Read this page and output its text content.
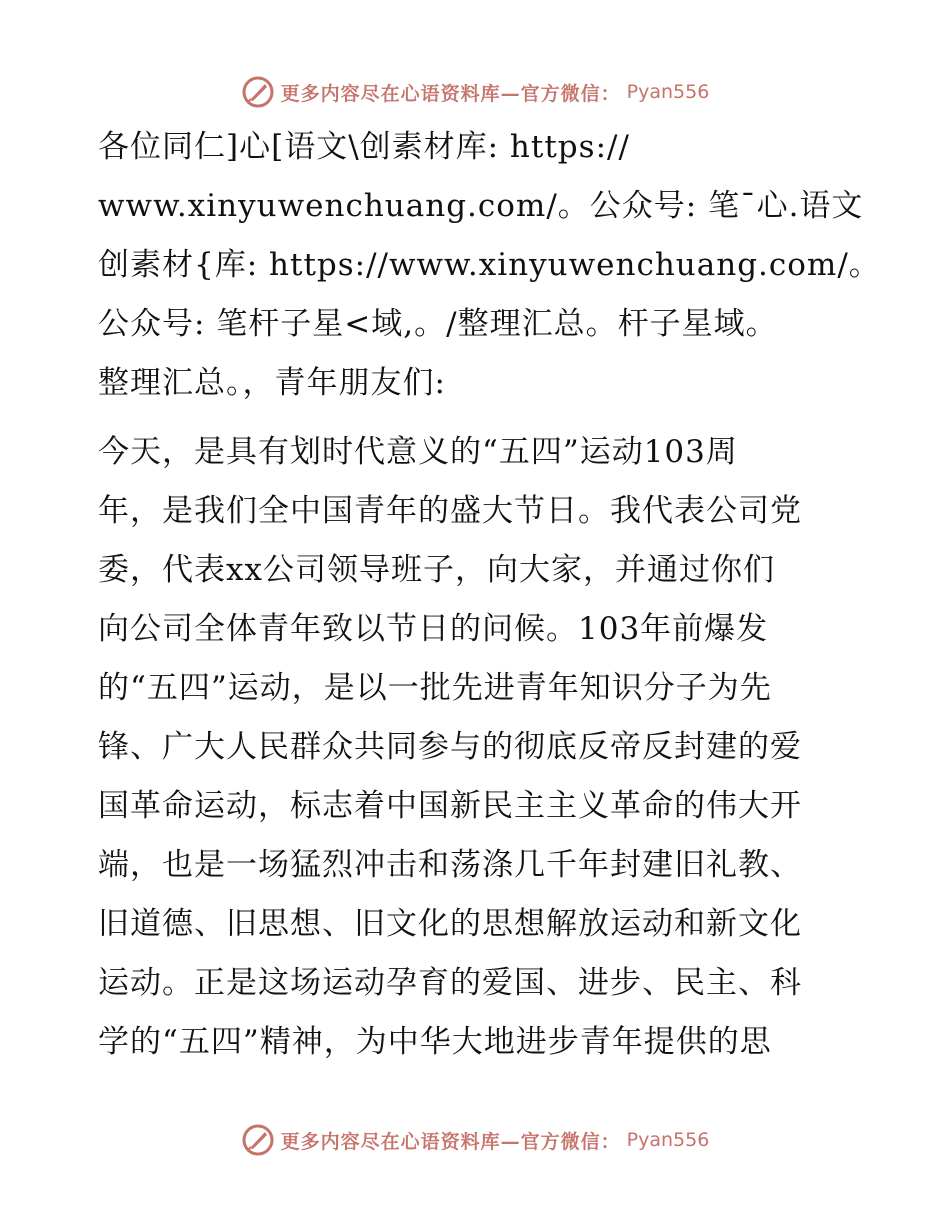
更多内容尽在心语资料库—官方微信： Pyan556
各位同仁]心[语文\创素材库: https://
www.xinyuwenchuang.com/。公众号: 笔¯心.语文
创素材{库: https://www.xinyuwenchuang.com/。
公众号: 笔杆子星<域,。/整理汇总。杆子星域。
整理汇总。，青年朋友们:
今天，是具有划时代意义的“五四”运动103周
年，是我们全中国青年的盛大节日。我代表公司党
委，代表xx公司领导班子，向大家，并通过你们
向公司全体青年致以节日的问候。103年前爆发
的“五四”运动，是以一批先进青年知识分子为先
锋、广大人民群众共同参与的彻底反帝反封建的爱
国革命运动，标志着中国新民主主义革命的伟大开
端，也是一场猛烈冲击和荡涤几千年封建旧礼教、
旧道德、旧思想、旧文化的思想解放运动和新文化
运动。正是这场运动孕育的爱国、进步、民主、科
学的“五四”精神，为中华大地进步青年提供的思
更多内容尽在心语资料库—官方微信： Pyan556
